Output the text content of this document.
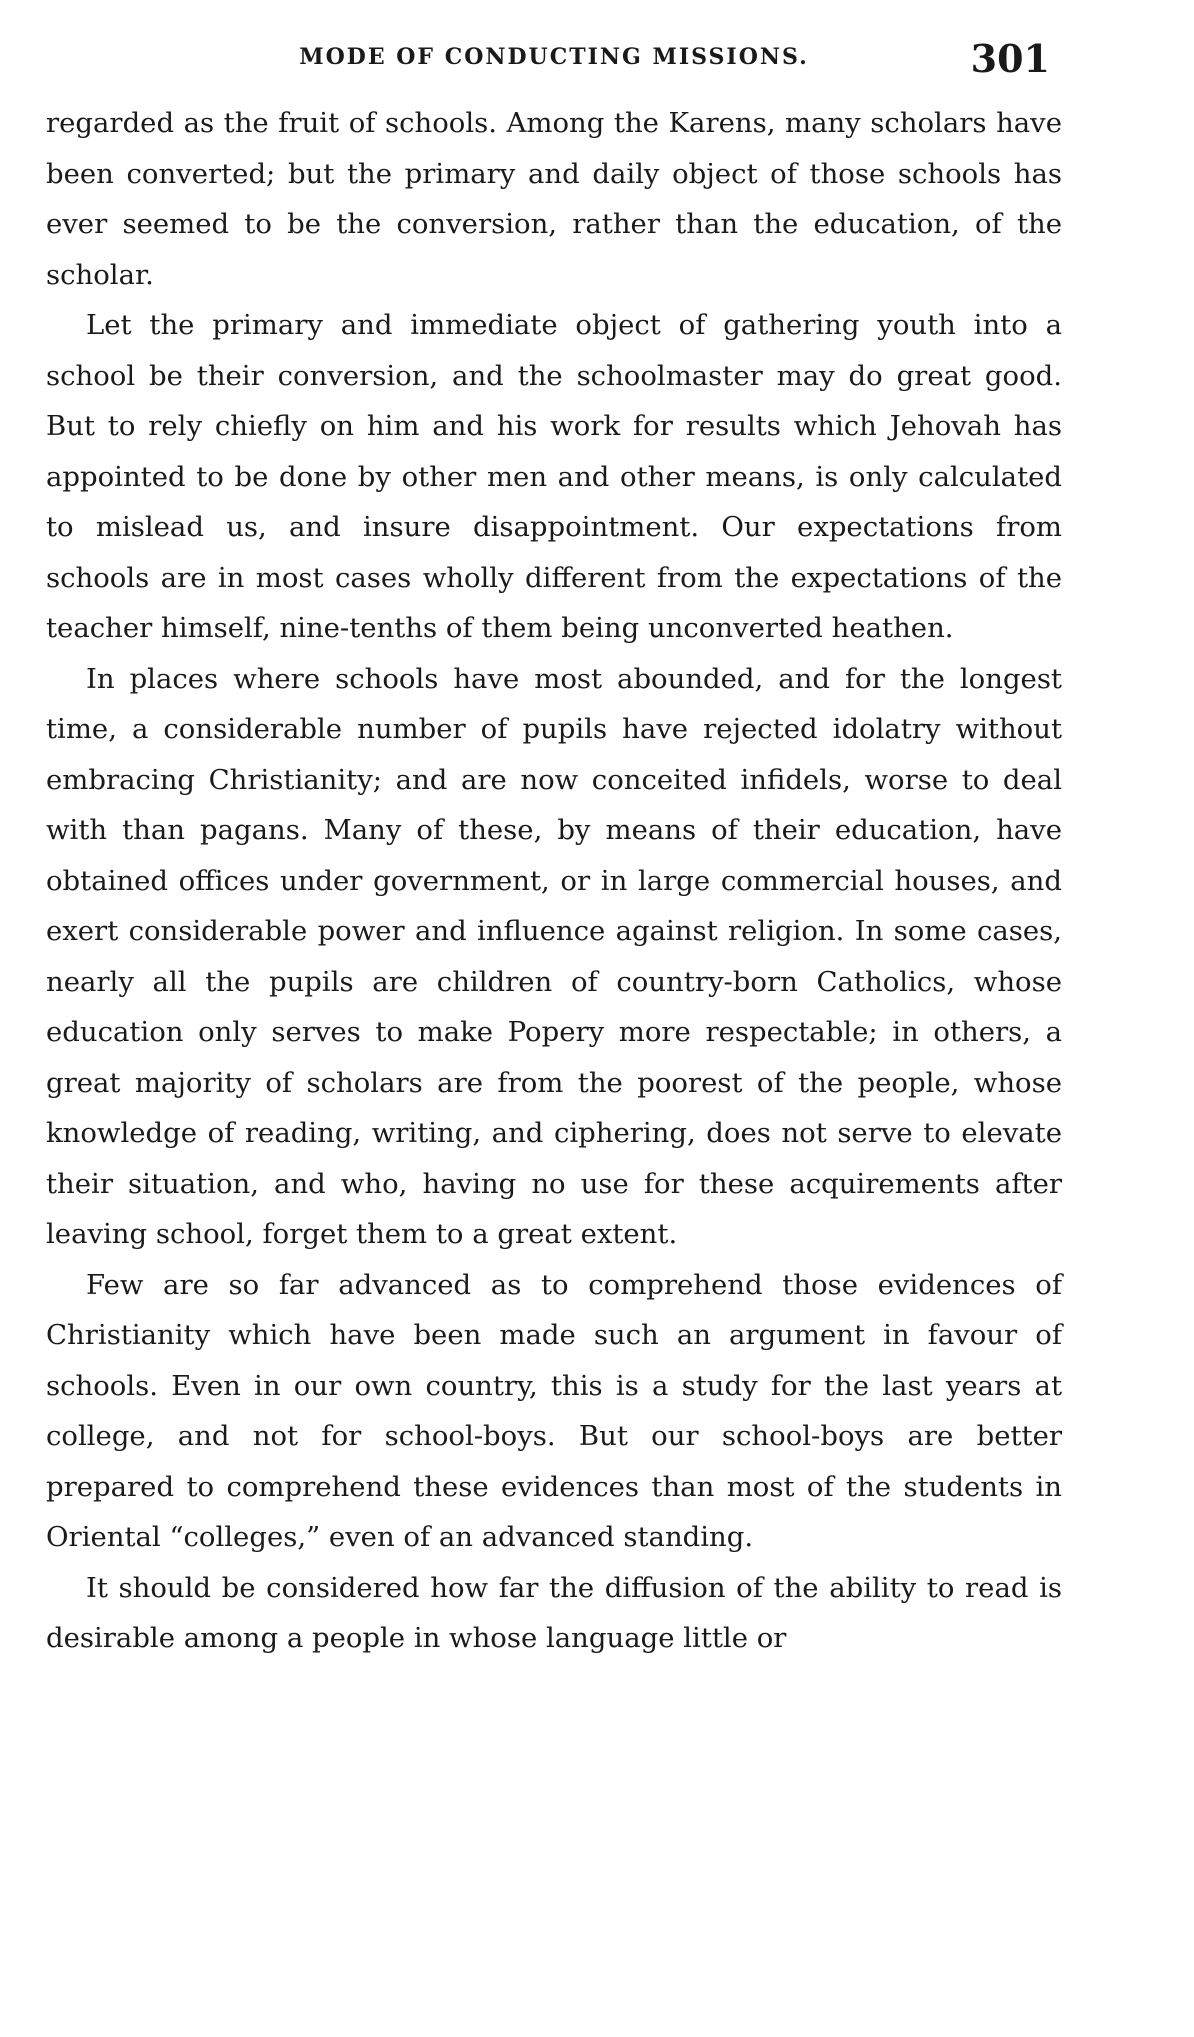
MODE OF CONDUCTING MISSIONS.	301

regarded as the fruit of schools. Among the Karens, many scholars have been converted; but the primary and daily object of those schools has ever seemed to be the conversion, rather than the education, of the scholar.

Let the primary and immediate object of gathering youth into a school be their conversion, and the schoolmaster may do great good. But to rely chiefly on him and his work for results which Jehovah has appointed to be done by other men and other means, is only calculated to mislead us, and insure disappointment. Our expectations from schools are in most cases wholly different from the expectations of the teacher himself, nine-tenths of them being unconverted heathen.

In places where schools have most abounded, and for the longest time, a considerable number of pupils have rejected idolatry without embracing Christianity; and are now conceited infidels, worse to deal with than pagans. Many of these, by means of their education, have obtained offices under government, or in large commercial houses, and exert considerable power and influence against religion. In some cases, nearly all the pupils are children of country-born Catholics, whose education only serves to make Popery more respectable; in others, a great majority of scholars are from the poorest of the people, whose knowledge of reading, writing, and ciphering, does not serve to elevate their situation, and who, having no use for these acquirements after leaving school, forget them to a great extent.

Few are so far advanced as to comprehend those evidences of Christianity which have been made such an argument in favour of schools. Even in our own country, this is a study for the last years at college, and not for school-boys. But our school-boys are better prepared to comprehend these evidences than most of the students in Oriental “colleges,” even of an advanced standing.

It should be considered how far the diffusion of the ability to read is desirable among a people in whose language little or
